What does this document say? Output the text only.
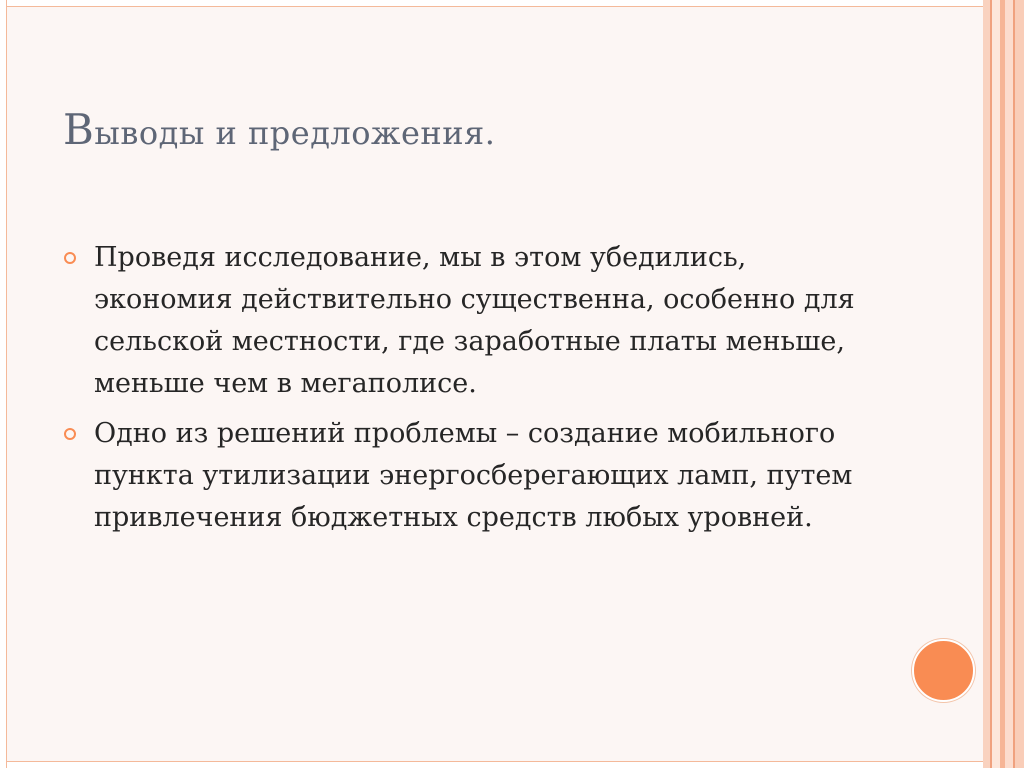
Выводы и предложения.
Проведя исследование, мы в этом убедились, экономия действительно существенна, особенно для сельской местности, где заработные платы меньше, меньше чем в мегаполисе.
Одно из решений проблемы – создание мобильного пункта утилизации энергосберегающих ламп, путем привлечения бюджетных средств любых уровней.
